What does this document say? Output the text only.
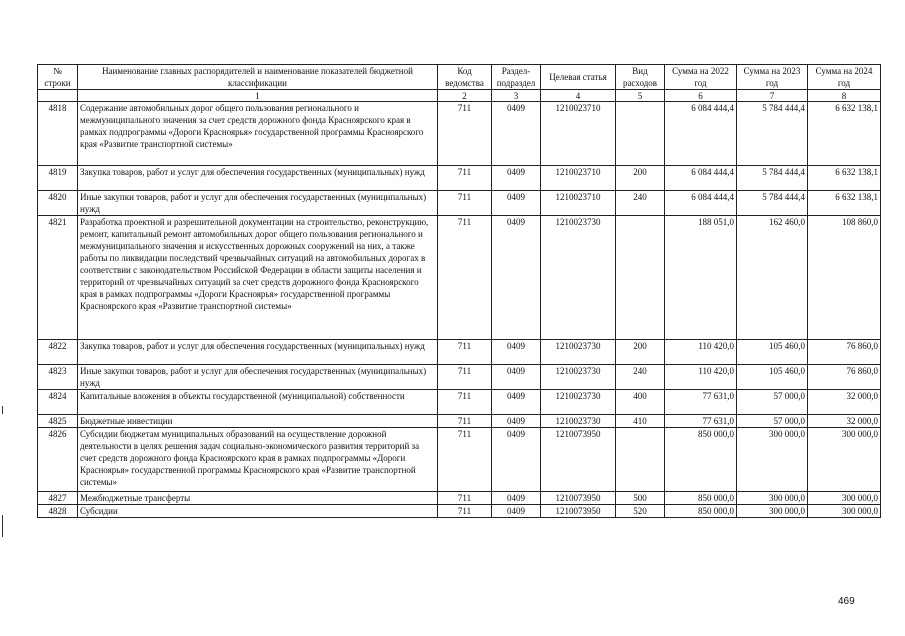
№ строки	Наименование главных распорядителей и наименование показателей бюджетной классификации	Код ведомства	Раздел-подраздел	Целевая статья	Вид расходов	Сумма на 2022 год	Сумма на 2023 год	Сумма на 2024 год
	1	2	3	4	5	6	7	8
4818	Содержание автомобильных дорог общего пользования регионального и межмуниципального значения за счет средств дорожного фонда Красноярского края в рамках подпрограммы «Дороги Красноярья» государственной программы Красноярского края «Развитие транспортной системы»	711	0409	1210023710		6 084 444,4	5 784 444,4	6 632 138,1
4819	Закупка товаров, работ и услуг для обеспечения государственных (муниципальных) нужд	711	0409	1210023710	200	6 084 444,4	5 784 444,4	6 632 138,1
4820	Иные закупки товаров, работ и услуг для обеспечения государственных (муниципальных) нужд	711	0409	1210023710	240	6 084 444,4	5 784 444,4	6 632 138,1
4821	Разработка проектной и разрешительной документации на строительство, реконструкцию, ремонт, капитальный ремонт автомобильных дорог общего пользования регионального и межмуниципального значения и искусственных дорожных сооружений на них, а также работы по ликвидации последствий чрезвычайных ситуаций на автомобильных дорогах в соответствии с законодательством Российской Федерации в области защиты населения и территорий от чрезвычайных ситуаций за счет средств дорожного фонда Красноярского края в рамках подпрограммы «Дороги Красноярья» государственной программы Красноярского края «Развитие транспортной системы»	711	0409	1210023730		188 051,0	162 460,0	108 860,0
4822	Закупка товаров, работ и услуг для обеспечения государственных (муниципальных) нужд	711	0409	1210023730	200	110 420,0	105 460,0	76 860,0
4823	Иные закупки товаров, работ и услуг для обеспечения государственных (муниципальных) нужд	711	0409	1210023730	240	110 420,0	105 460,0	76 860,0
4824	Капитальные вложения в объекты государственной (муниципальной) собственности	711	0409	1210023730	400	77 631,0	57 000,0	32 000,0
4825	Бюджетные инвестиции	711	0409	1210023730	410	77 631,0	57 000,0	32 000,0
4826	Субсидии бюджетам муниципальных образований на осуществление дорожной деятельности в целях решения задач социально-экономического развития территорий за счет средств дорожного фонда Красноярского края в рамках подпрограммы «Дороги Красноярья» государственной программы Красноярского края «Развитие транспортной системы»	711	0409	1210073950		850 000,0	300 000,0	300 000,0
4827	Межбюджетные трансферты	711	0409	1210073950	500	850 000,0	300 000,0	300 000,0
4828	Субсидии	711	0409	1210073950	520	850 000,0	300 000,0	300 000,0
469
